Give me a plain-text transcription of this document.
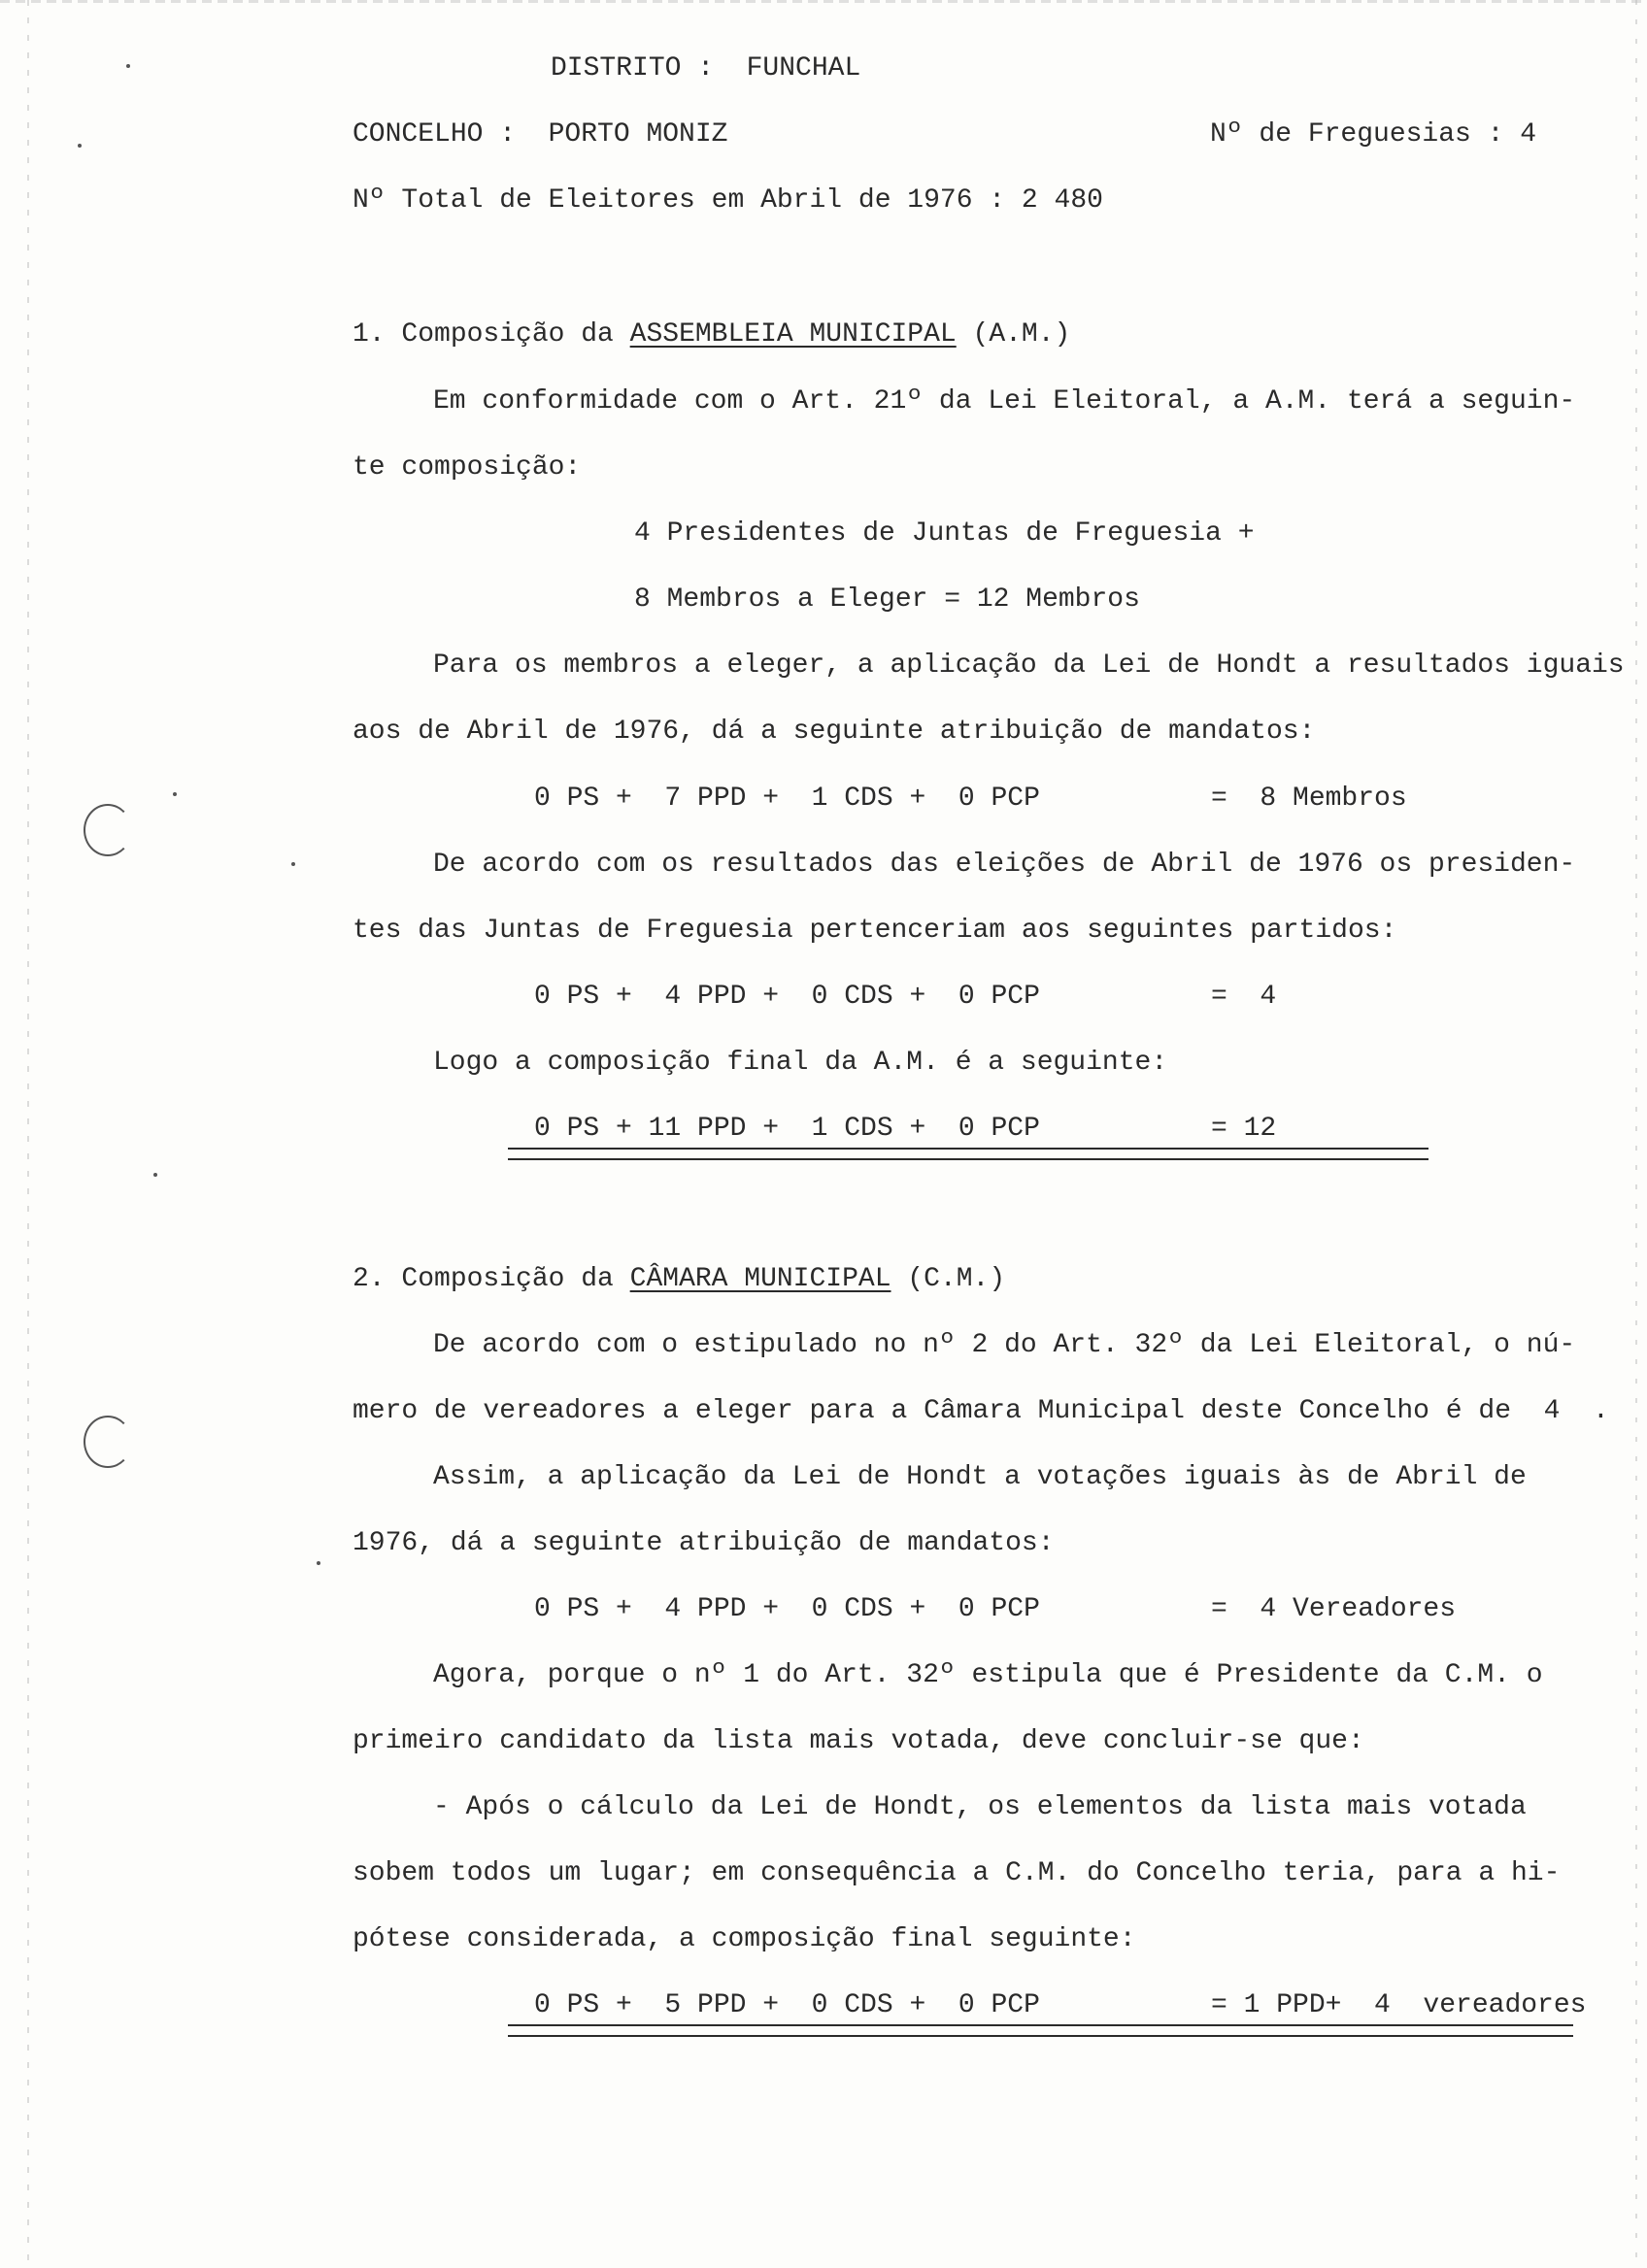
DISTRITO :  FUNCHAL
CONCELHO :  PORTO MONIZ	Nº de Freguesias : 4
Nº Total de Eleitores em Abril de 1976 : 2 480
1. Composição da ASSEMBLEIA MUNICIPAL (A.M.)
Em conformidade com o Art. 21º da Lei Eleitoral, a A.M. terá a seguin-
te composição:
4 Presidentes de Juntas de Freguesia +
8 Membros a Eleger = 12 Membros
Para os membros a eleger, a aplicação da Lei de Hondt a resultados iguais
aos de Abril de 1976, dá a seguinte atribuição de mandatos:
0 PS +  7 PPD +  1 CDS +  0 PCP	=  8 Membros
De acordo com os resultados das eleições de Abril de 1976 os presiden-
tes das Juntas de Freguesia pertenceriam aos seguintes partidos:
0 PS +  4 PPD +  0 CDS +  0 PCP	=  4
Logo a composição final da A.M. é a seguinte:
0 PS + 11 PPD +  1 CDS +  0 PCP	= 12
2. Composição da CÂMARA MUNICIPAL (C.M.)
De acordo com o estipulado no nº 2 do Art. 32º da Lei Eleitoral, o nú-
mero de vereadores a eleger para a Câmara Municipal deste Concelho é de  4  .
Assim, a aplicação da Lei de Hondt a votações iguais às de Abril de
1976, dá a seguinte atribuição de mandatos:
0 PS +  4 PPD +  0 CDS +  0 PCP	=  4 Vereadores
Agora, porque o nº 1 do Art. 32º estipula que é Presidente da C.M. o
primeiro candidato da lista mais votada, deve concluir-se que:
- Após o cálculo da Lei de Hondt, os elementos da lista mais votada
sobem todos um lugar; em consequência a C.M. do Concelho teria, para a hi-
pótese considerada, a composição final seguinte:
0 PS +  5 PPD +  0 CDS +  0 PCP	= 1 PPD+  4  vereadores
